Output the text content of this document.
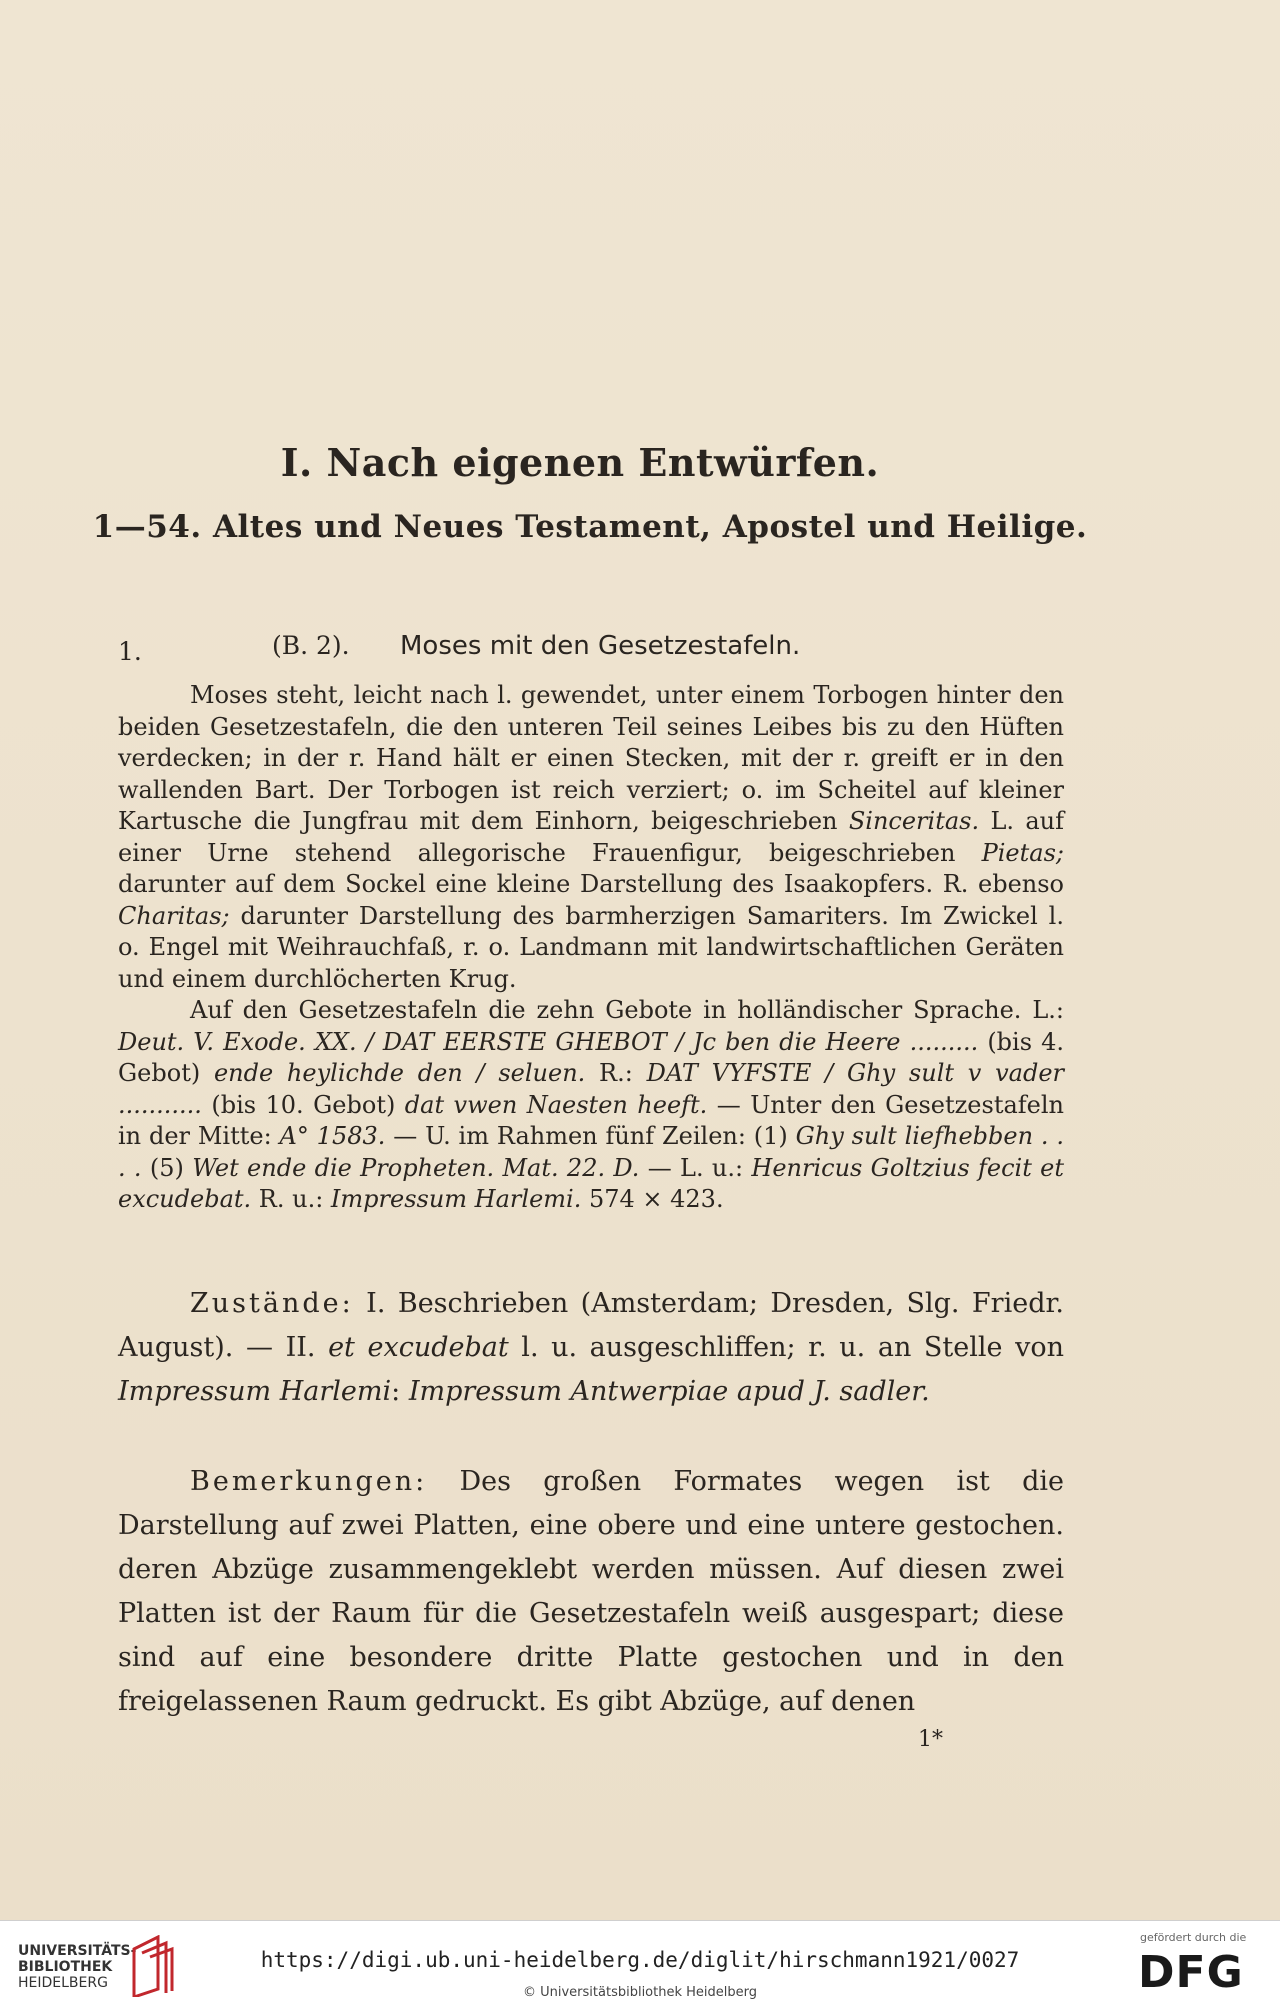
I. Nach eigenen Entwürfen.
1—54. Altes und Neues Testament, Apostel und Heilige.
1.	(B. 2). Moses mit den Gesetzestafeln.

Moses steht, leicht nach l. gewendet, unter einem Torbogen hinter den beiden Gesetzestafeln, die den unteren Teil seines Leibes bis zu den Hüften verdecken; in der r. Hand hält er einen Stecken, mit der r. greift er in den wallenden Bart. Der Torbogen ist reich verziert; o. im Scheitel auf kleiner Kartusche die Jungfrau mit dem Einhorn, beigeschrieben Sinceritas. L. auf einer Urne stehend allegorische Frauenfigur, beigeschrieben Pietas; darunter auf dem Sockel eine kleine Darstellung des Isaakopfers. R. ebenso Charitas; darunter Darstellung des barmherzigen Samariters. Im Zwickel l. o. Engel mit Weihrauchfaß, r. o. Landmann mit landwirtschaftlichen Geräten und einem durchlöcherten Krug.

Auf den Gesetzestafeln die zehn Gebote in holländischer Sprache. L.: Deut. V. Exode. XX. / DAT EERSTE GHEBOT / Jc ben die Heere ......... (bis 4. Gebot) ende heylichde den / seluen. R.: DAT VYFSTE / Ghy sult v vader ........... (bis 10. Gebot) dat vwen Naesten heeft. — Unter den Gesetzestafeln in der Mitte: A° 1583. — U. im Rahmen fünf Zeilen: (1) Ghy sult liefhebben . . . . (5) Wet ende die Propheten. Mat. 22. D. — L. u.: Henricus Goltzius fecit et excudebat. R. u.: Impressum Harlemi. 574 × 423.

Zustände: I. Beschrieben (Amsterdam; Dresden, Slg. Friedr. August). — II. et excudebat l. u. ausgeschliffen; r. u. an Stelle von Impressum Harlemi: Impressum Antwerpiae apud J. sadler.

Bemerkungen: Des großen Formates wegen ist die Darstellung auf zwei Platten, eine obere und eine untere gestochen. deren Abzüge zusammengeklebt werden müssen. Auf diesen zwei Platten ist der Raum für die Gesetzestafeln weiß ausgespart; diese sind auf eine besondere dritte Platte gestochen und in den freigelassenen Raum gedruckt. Es gibt Abzüge, auf denen

1*
UNIVERSITÄTS-
BIBLIOTHEK
HEIDELBERG
https://digi.ub.uni-heidelberg.de/diglit/hirschmann1921/0027
© Universitätsbibliothek Heidelberg
gefördert durch die
DFG
